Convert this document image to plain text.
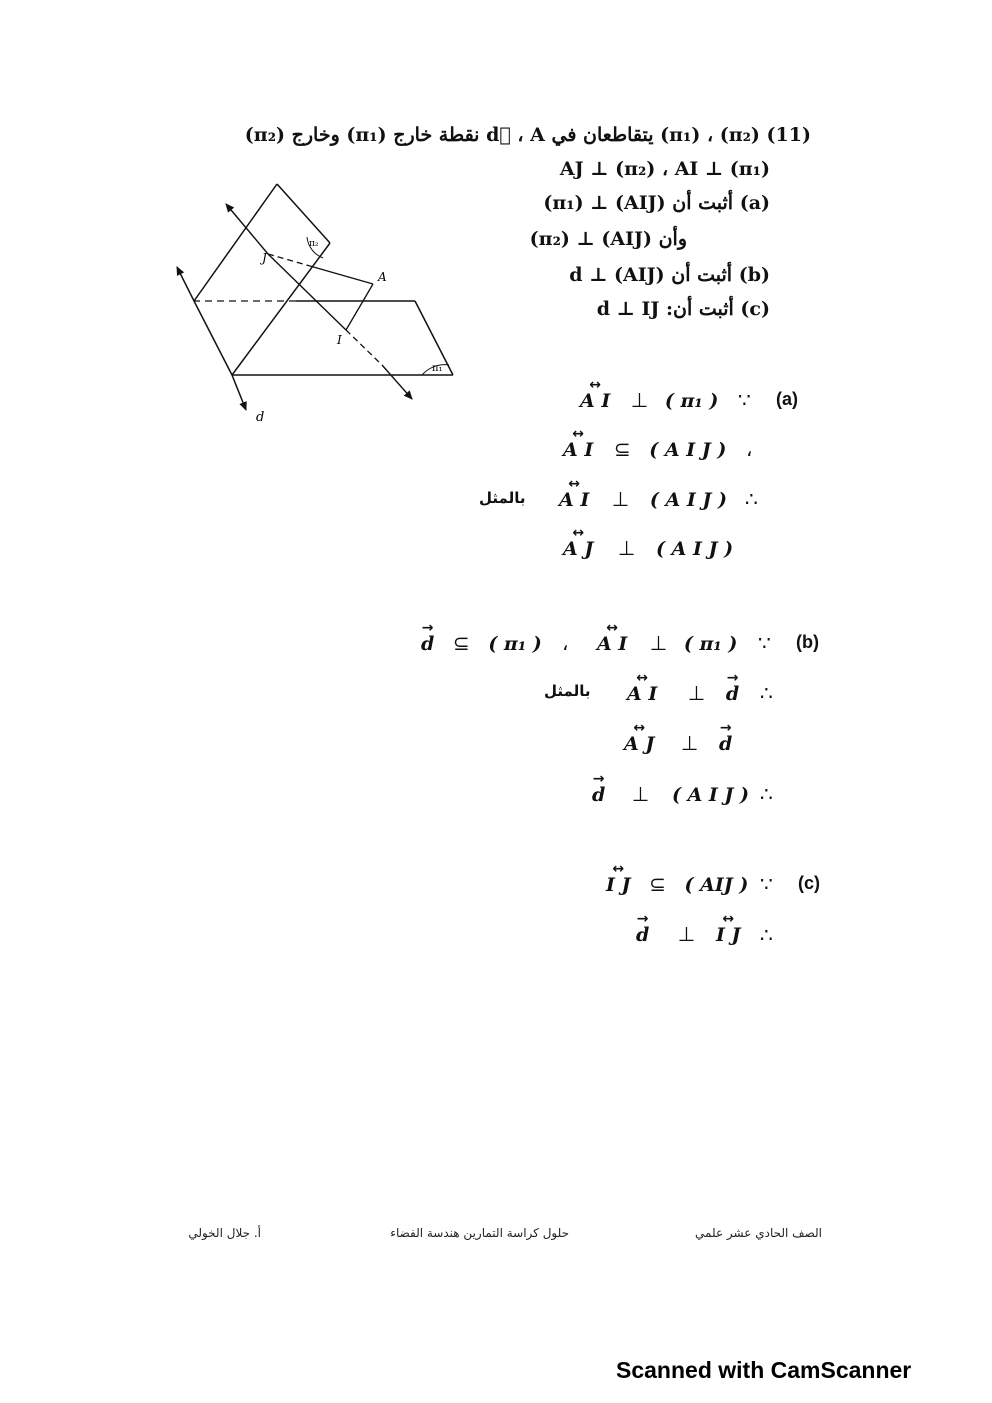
(11) (π₂) ، (π₁) يتقاطعان في d⃗ ، A نقطة خارج (π₁) وخارج (π₂)
AJ ⊥ (π₂) ، AI ⊥ (π₁)
(a) أثبت أن (AIJ) ⊥ (π₁)
وأن (AIJ) ⊥ (π₂)
(b) أثبت أن d ⊥ (AIJ)
(c) أثبت أن: d ⊥ IJ
J
A
I
d
π₁
π₂
(a)
∵
↔ A I ⊥ ( π₁ )
،
↔ A I ⊆ ( A I J )
∴
↔ A I ⊥ ( A I J )
بالمثل
↔ A J ⊥ ( A I J )
(b)
∵
↔ A I ⊥ ( π₁ )
،
→ d ⊆ ( π₁ )
∴
↔ A I ⊥ → d
بالمثل
↔ A J ⊥ → d
∴
→ d ⊥ ( A I J )
(c)
∵
↔ I J ⊆ ( AIJ )
∴
→ d ⊥ ↔ I J
الصف الحادي عشر علمي
حلول كراسة التمارين هندسة الفضاء
أ. جلال الخولي
Scanned with CamScanner
